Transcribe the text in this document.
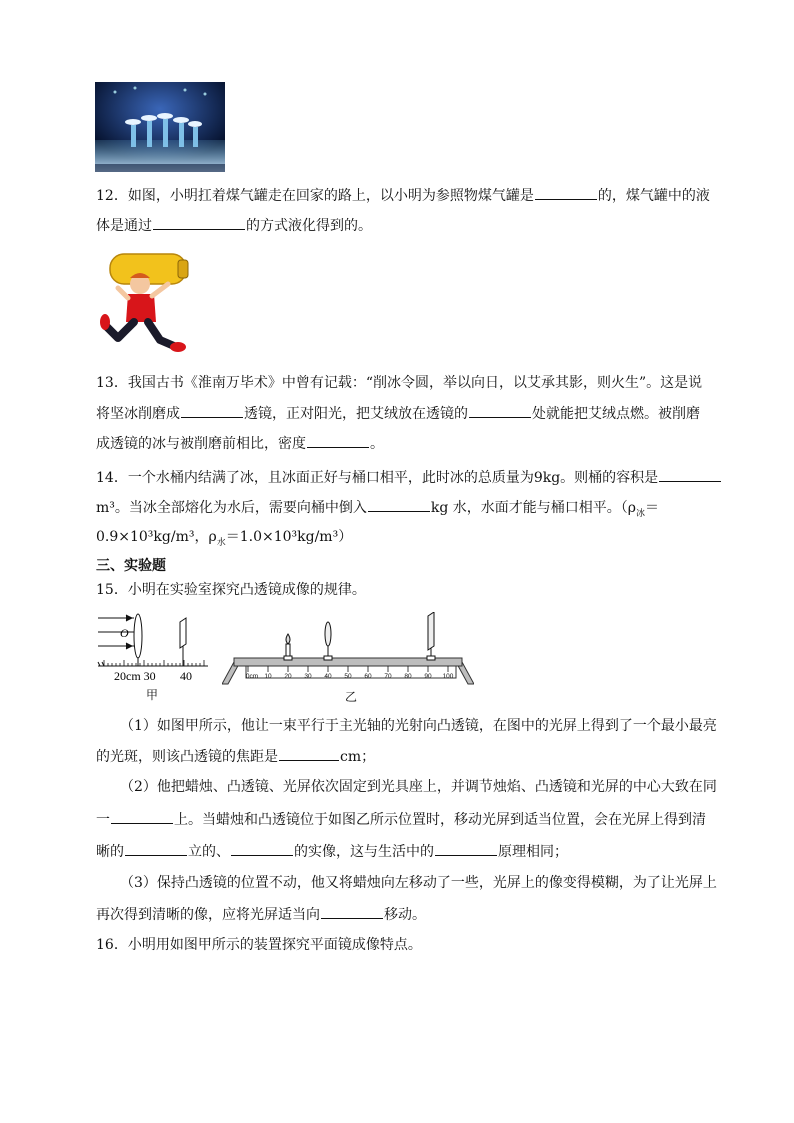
12．如图，小明扛着煤气罐走在回家的路上，以小明为参照物煤气罐是	的，煤气罐中的液
体是通过	的方式液化得到的。
13．我国古书《淮南万毕术》中曾有记载：“削冰令圆，举以向日，以艾承其影，则火生”。这是说
将坚冰削磨成	透镜，正对阳光，把艾绒放在透镜的	处就能把艾绒点燃。被削磨
成透镜的冰与被削磨前相比，密度	。
14．一个水桶内结满了冰，且冰面正好与桶口相平，此时冰的总质量为9kg。则桶的容积是
m³。当冰全部熔化为水后，需要向桶中倒入	kg 水，水面才能与桶口相平。（$\rho_冰=$
0.9×10³kg/m³，$\rho_水=1.0\times 10^3kg/m^3$）
三、实验题
15．小明在实验室探究凸透镜成像的规律。
O
20cm 30 40
甲
0cm 10 20 30 40 50 60 70 80 90 100
乙
（1）如图甲所示，他让一束平行于主光轴的光射向凸透镜，在图中的光屏上得到了一个最小最亮
的光斑，则该凸透镜的焦距是	cm；
（2）他把蜡烛、凸透镜、光屏依次固定到光具座上，并调节烛焰、凸透镜和光屏的中心大致在同
一	上。当蜡烛和凸透镜位于如图乙所示位置时，移动光屏到适当位置，会在光屏上得到清
晰的	立的、	的实像，这与生活中的	原理相同；
（3）保持凸透镜的位置不动，他又将蜡烛向左移动了一些，光屏上的像变得模糊，为了让光屏上
再次得到清晰的像，应将光屏适当向	移动。
16．小明用如图甲所示的装置探究平面镜成像特点。
